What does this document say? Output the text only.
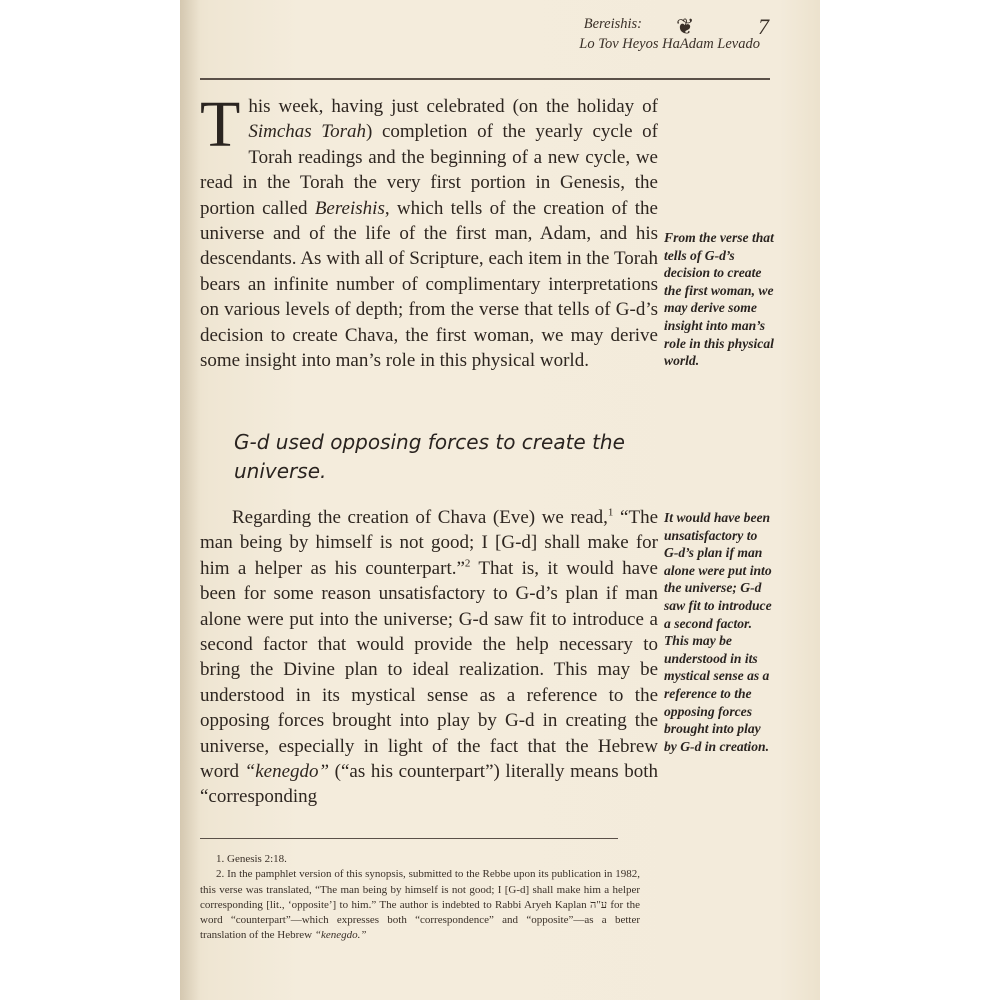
Bereishis:
Lo Tov Heyos HaAdam Levado
❦	7
This week, having just celebrated (on the holiday of Simchas Torah) completion of the yearly cycle of Torah readings and the beginning of a new cycle, we read in the Torah the very first portion in Genesis, the portion called Bereishis, which tells of the creation of the universe and of the life of the first man, Adam, and his descendants. As with all of Scripture, each item in the Torah bears an infinite number of complimentary interpretations on various levels of depth; from the verse that tells of G-d’s decision to create Chava, the first woman, we may derive some insight into man’s role in this physical world.
From the verse that tells of G-d’s decision to create the first woman, we may derive some insight into man’s role in this physical world.
G-d used opposing forces to create the universe.
Regarding the creation of Chava (Eve) we read,$^1$ “The man being by himself is not good; I [G-d] shall make for him a helper as his counterpart.”$^2$ That is, it would have been for some reason unsatisfactory to G-d’s plan if man alone were put into the universe; G-d saw fit to introduce a second factor that would provide the help necessary to bring the Divine plan to ideal realization. This may be understood in its mystical sense as a reference to the opposing forces brought into play by G-d in creating the universe, especially in light of the fact that the Hebrew word “kenegdo” (“as his counterpart”) literally means both “corresponding
It would have been unsatisfactory to G-d’s plan if man alone were put into the universe; G-d saw fit to introduce a second factor. This may be understood in its mystical sense as a reference to the opposing forces brought into play by G-d in creation.

1. Genesis 2:18.

2. In the pamphlet version of this synopsis, submitted to the Rebbe upon its publication in 1982, this verse was translated, “The man being by himself is not good; I [G-d] shall make him a helper corresponding [lit., ‘opposite’] to him.” The author is indebted to Rabbi Aryeh Kaplan ע"ה for the word “counterpart”—which expresses both “correspondence” and “opposite”—as a better translation of the Hebrew “kenegdo.”
